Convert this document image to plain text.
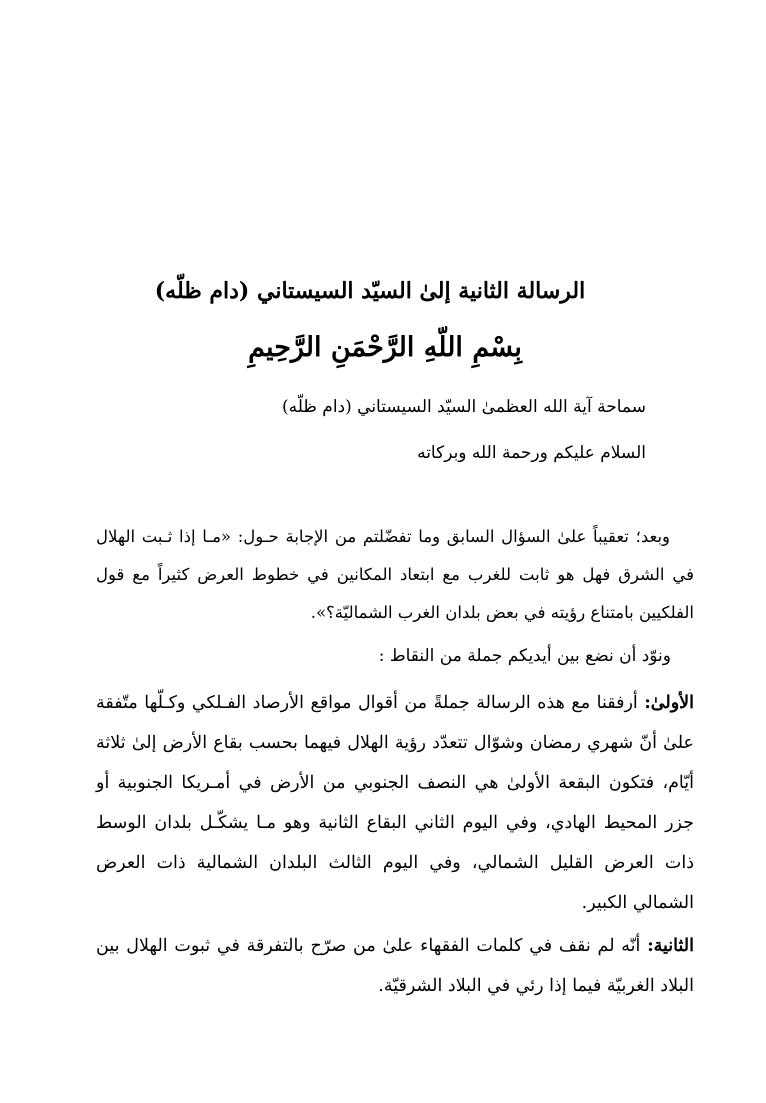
الرسالة الثانية إلىٰ السيّد السيستاني (دام ظلّه)
بِسْمِ اللّهِ الرَّحْمَنِ الرَّحِيمِ
سماحة آية الله العظمىٰ السيّد السيستاني (دام ظلّه)
السلام عليكم ورحمة الله وبركاته

وبعد؛ تعقيباً علىٰ السؤال السابق وما تفضّلتم من الإجابة حـول: «مـا إذا ثـبت الهلال في الشرق فهل هو ثابت للغرب مع ابتعاد المكانين في خطوط العرض كثيراً مع قول الفلكيين بامتناع رؤيته في بعض بلدان الغرب الشماليّة؟».

ونوّد أن نضع بين أيديكم جملة من النقاط :

الأولىٰ: أرفقنا مع هذه الرسالة جملةً من أقوال مواقع الأرصاد الفـلكي وكـلّها متّفقة علىٰ أنّ شهري رمضان وشوّال تتعدّد رؤية الهلال فيهما بحسب بقاع الأرض إلىٰ ثلاثة أيّام، فتكون البقعة الأولىٰ هي النصف الجنوبي من الأرض في أمـريكا الجنوبية أو جزر المحيط الهادي، وفي اليوم الثاني البقاع الثانية وهو مـا يشكّـل بلدان الوسط ذات العرض القليل الشمالي، وفي اليوم الثالث البلدان الشمالية ذات العرض الشمالي الكبير.

الثانية: أنّه لم نقف في كلمات الفقهاء علىٰ من صرّح بالتفرقة في ثبوت الهلال بين البلاد الغربيّة فيما إذا رئي في البلاد الشرقيّة.
